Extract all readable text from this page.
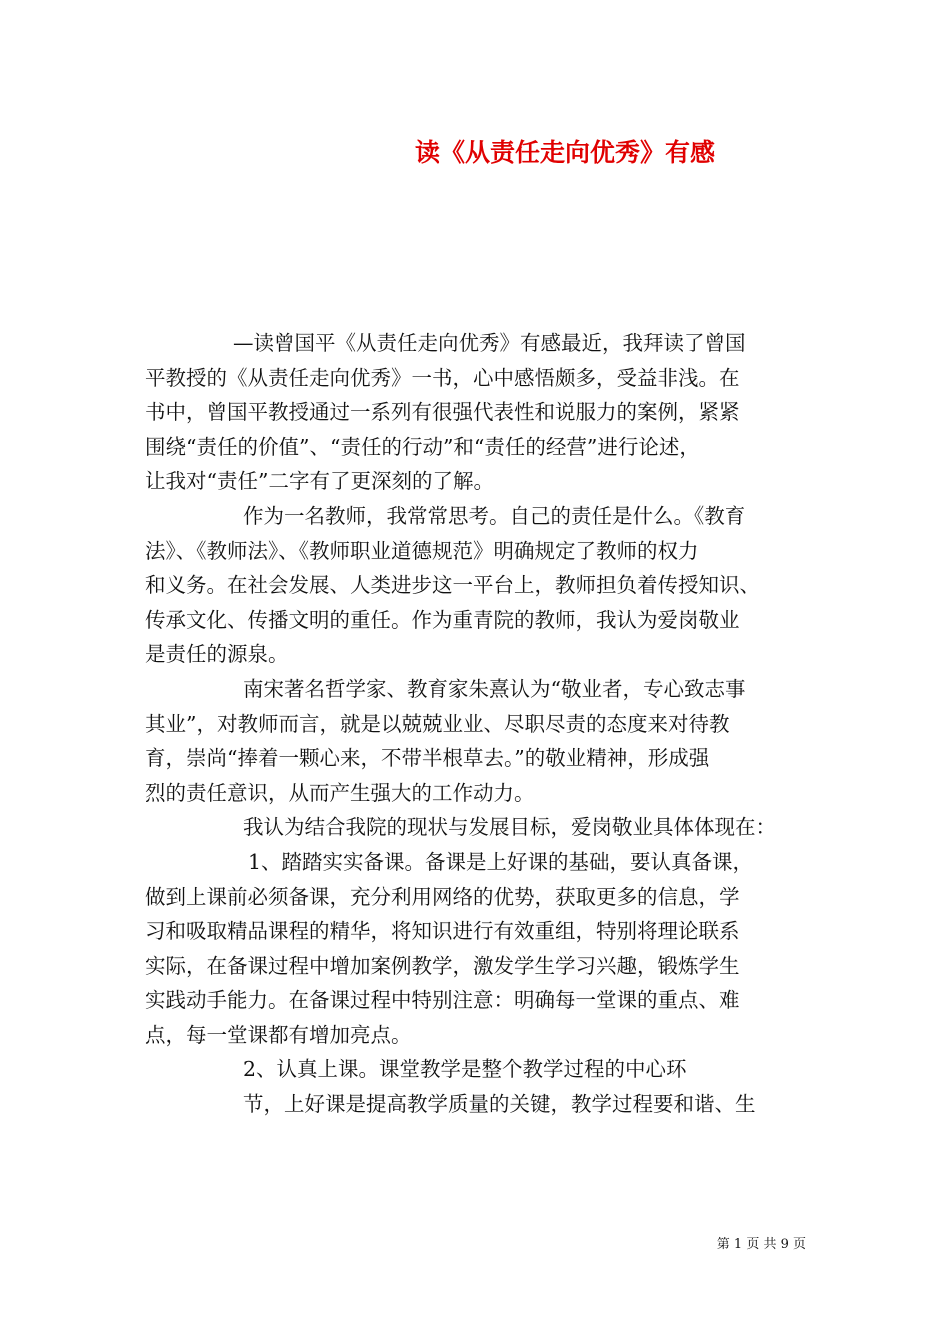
读《从责任走向优秀》有感
—读曾国平《从责任走向优秀》有感最近，我拜读了曾国
平教授的《从责任走向优秀》一书，心中感悟颇多，受益非浅。在
书中，曾国平教授通过一系列有很强代表性和说服力的案例，紧紧
围绕“责任的价值”、“责任的行动”和“责任的经营”进行论述，
让我对“责任”二字有了更深刻的了解。
作为一名教师，我常常思考。自己的责任是什么。《教育
法》、《教师法》、《教师职业道德规范》明确规定了教师的权力
和义务。在社会发展、人类进步这一平台上，教师担负着传授知识、
传承文化、传播文明的重任。作为重青院的教师，我认为爱岗敬业
是责任的源泉。
南宋著名哲学家、教育家朱熹认为“敬业者，专心致志事
其业”，对教师而言，就是以兢兢业业、尽职尽责的态度来对待教
育，崇尚“捧着一颗心来，不带半根草去。”的敬业精神，形成强
烈的责任意识，从而产生强大的工作动力。
我认为结合我院的现状与发展目标，爱岗敬业具体体现在：
1、踏踏实实备课。备课是上好课的基础，要认真备课，
做到上课前必须备课，充分利用网络的优势，获取更多的信息，学
习和吸取精品课程的精华，将知识进行有效重组，特别将理论联系
实际，在备课过程中增加案例教学，激发学生学习兴趣，锻炼学生
实践动手能力。在备课过程中特别注意：明确每一堂课的重点、难
点，每一堂课都有增加亮点。
2、认真上课。课堂教学是整个教学过程的中心环
节，上好课是提高教学质量的关键，教学过程要和谐、生
第 1 页 共 9 页
